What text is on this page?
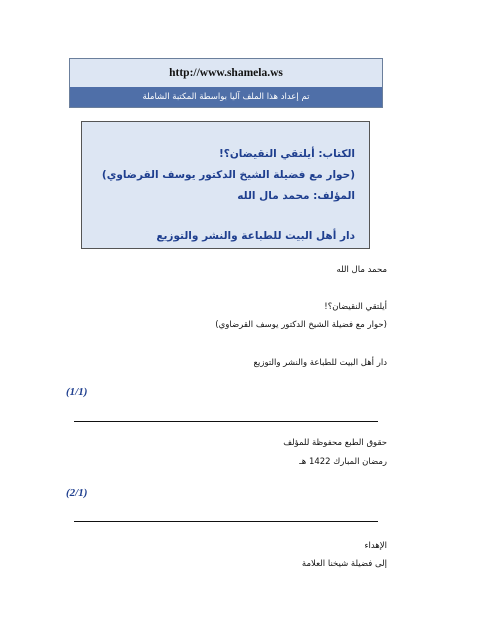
http://www.shamela.ws
تم إعداد هذا الملف آليا بواسطة المكتبة الشاملة
الكتاب: أيلتقي النقيضان؟!
(حوار مع فضيلة الشيخ الدكتور يوسف القرضاوي)
المؤلف: محمد مال الله
دار أهل البيت للطباعة والنشر والتوزيع
محمد مال الله
أيلتقي النقيضان؟!
(حوار مع فضيلة الشيخ الدكتور يوسف القرضاوي)
دار أهل البيت للطباعة والنشر والتوزيع
(1/1)
حقوق الطبع محفوظة للمؤلف
رمضان المبارك 1422 هـ
(2/1)
الإهداء
إلى فضيلة شيخنا العلامة
